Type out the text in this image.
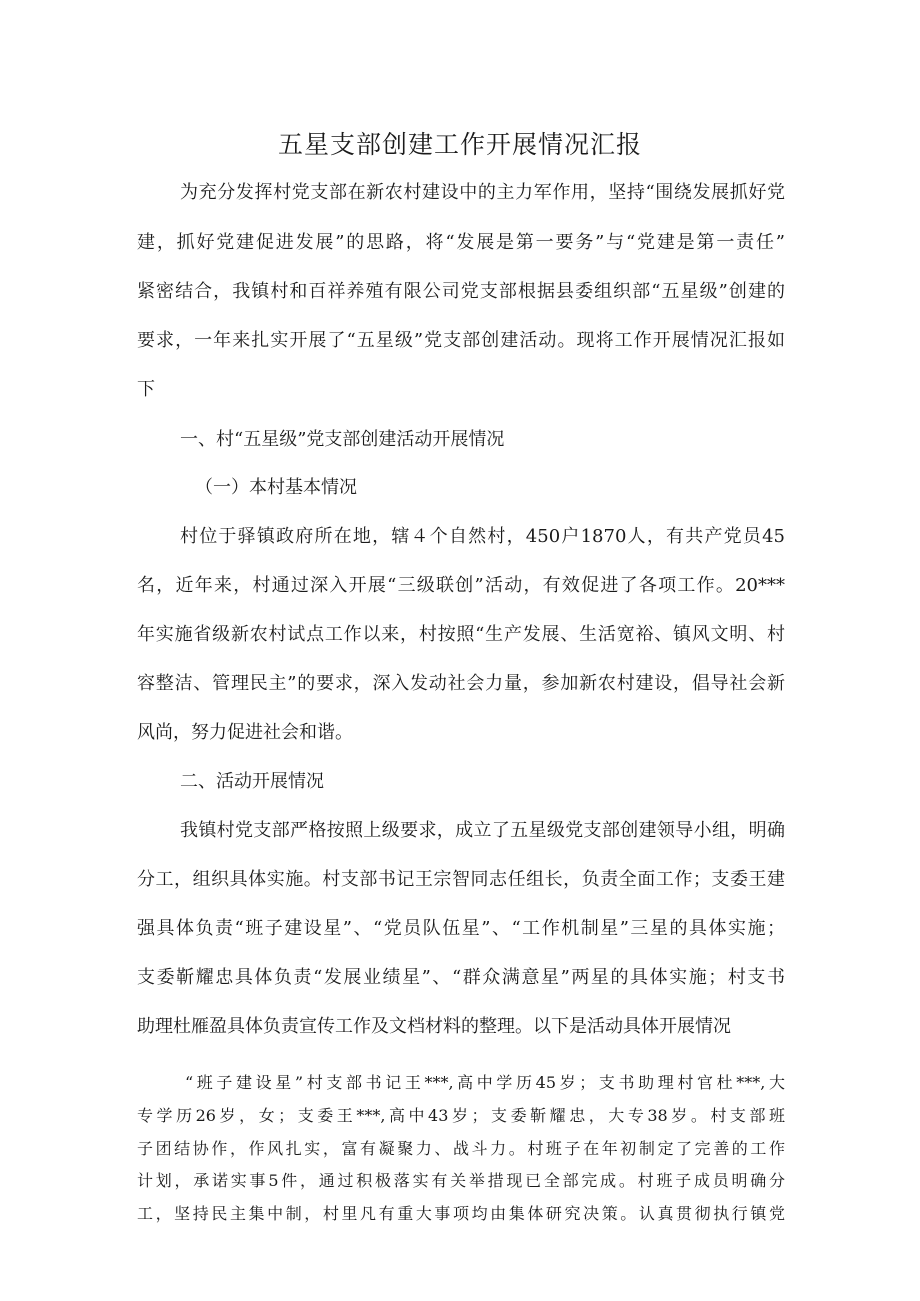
五星支部创建工作开展情况汇报

为充分发挥村党支部在新农村建设中的主力军作用，坚持“围绕发展抓好党

建，抓好党建促进发展”的思路，将“发展是第一要务”与“党建是第一责任”

紧密结合，我镇村和百祥养殖有限公司党支部根据县委组织部“五星级”创建的

要求，一年来扎实开展了“五星级”党支部创建活动。现将工作开展情况汇报如

下

一、村“五星级”党支部创建活动开展情况

（一）本村基本情况

村位于驿镇政府所在地，辖４个自然村，450户1870人，有共产党员45

名，近年来，村通过深入开展“三级联创”活动，有效促进了各项工作。20***

年实施省级新农村试点工作以来，村按照“生产发展、生活宽裕、镇风文明、村

容整洁、管理民主”的要求，深入发动社会力量，参加新农村建设，倡导社会新

风尚，努力促进社会和谐。

二、活动开展情况

我镇村党支部严格按照上级要求，成立了五星级党支部创建领导小组，明确

分工，组织具体实施。村支部书记王宗智同志任组长，负责全面工作；支委王建

强具体负责“班子建设星”、“党员队伍星”、“工作机制星”三星的具体实施；

支委靳耀忠具体负责“发展业绩星”、“群众满意星”两星的具体实施；村支书

助理杜雁盈具体负责宣传工作及文档材料的整理。以下是活动具体开展情况

“班子建设星”村支部书记王***,高中学历45岁；支书助理村官杜***,大

专学历26岁，女；支委王***,高中43岁；支委靳耀忠，大专38岁。村支部班

子团结协作，作风扎实，富有凝聚力、战斗力。村班子在年初制定了完善的工作

计划，承诺实事5件，通过积极落实有关举措现已全部完成。村班子成员明确分

工，坚持民主集中制，村里凡有重大事项均由集体研究决策。认真贯彻执行镇党
